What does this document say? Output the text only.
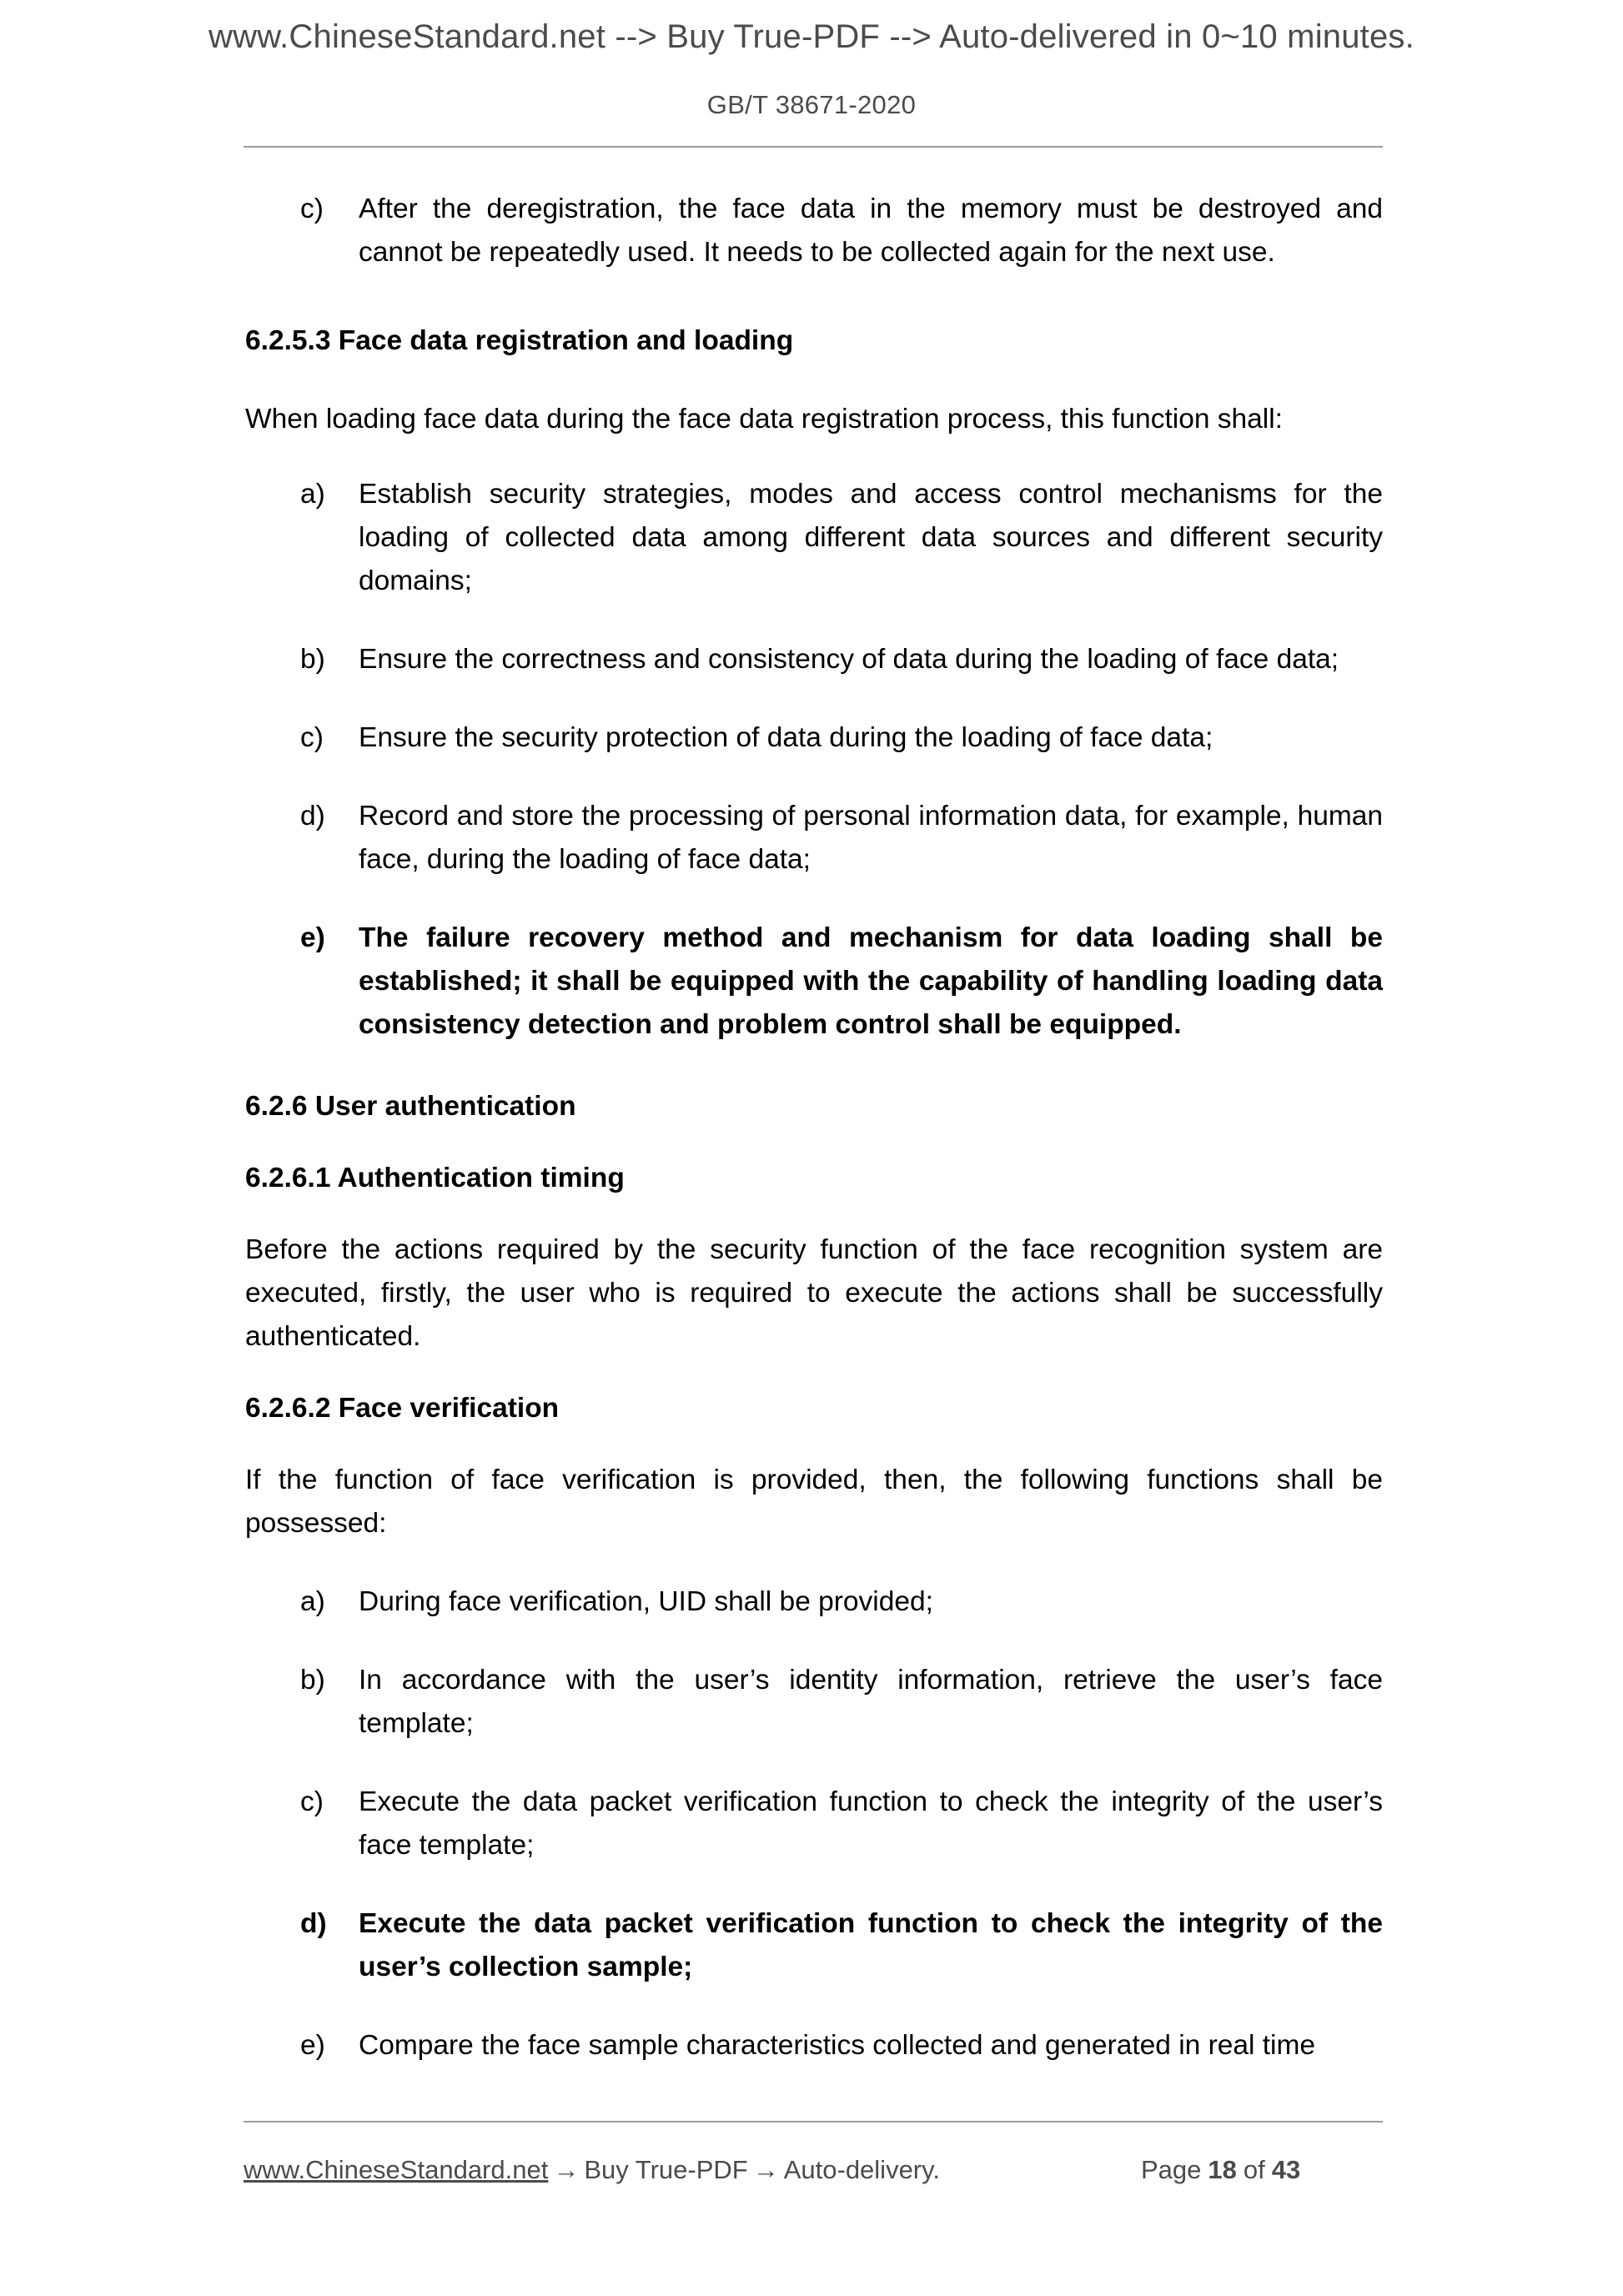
www.ChineseStandard.net --> Buy True-PDF --> Auto-delivered in 0~10 minutes.
GB/T 38671-2020
c) After the deregistration, the face data in the memory must be destroyed and cannot be repeatedly used. It needs to be collected again for the next use.
6.2.5.3 Face data registration and loading

When loading face data during the face data registration process, this function shall:

a) Establish security strategies, modes and access control mechanisms for the loading of collected data among different data sources and different security domains;
b) Ensure the correctness and consistency of data during the loading of face data;
c) Ensure the security protection of data during the loading of face data;
d) Record and store the processing of personal information data, for example, human face, during the loading of face data;
e) The failure recovery method and mechanism for data loading shall be established; it shall be equipped with the capability of handling loading data consistency detection and problem control shall be equipped.
6.2.6 User authentication
6.2.6.1 Authentication timing

Before the actions required by the security function of the face recognition system are executed, firstly, the user who is required to execute the actions shall be successfully authenticated.

6.2.6.2 Face verification

If the function of face verification is provided, then, the following functions shall be possessed:

a) During face verification, UID shall be provided;
b) In accordance with the user’s identity information, retrieve the user’s face template;
c) Execute the data packet verification function to check the integrity of the user’s face template;
d) Execute the data packet verification function to check the integrity of the user’s collection sample;
e) Compare the face sample characteristics collected and generated in real time
www.ChineseStandard.net → Buy True-PDF → Auto-delivery.	Page 18 of 43
